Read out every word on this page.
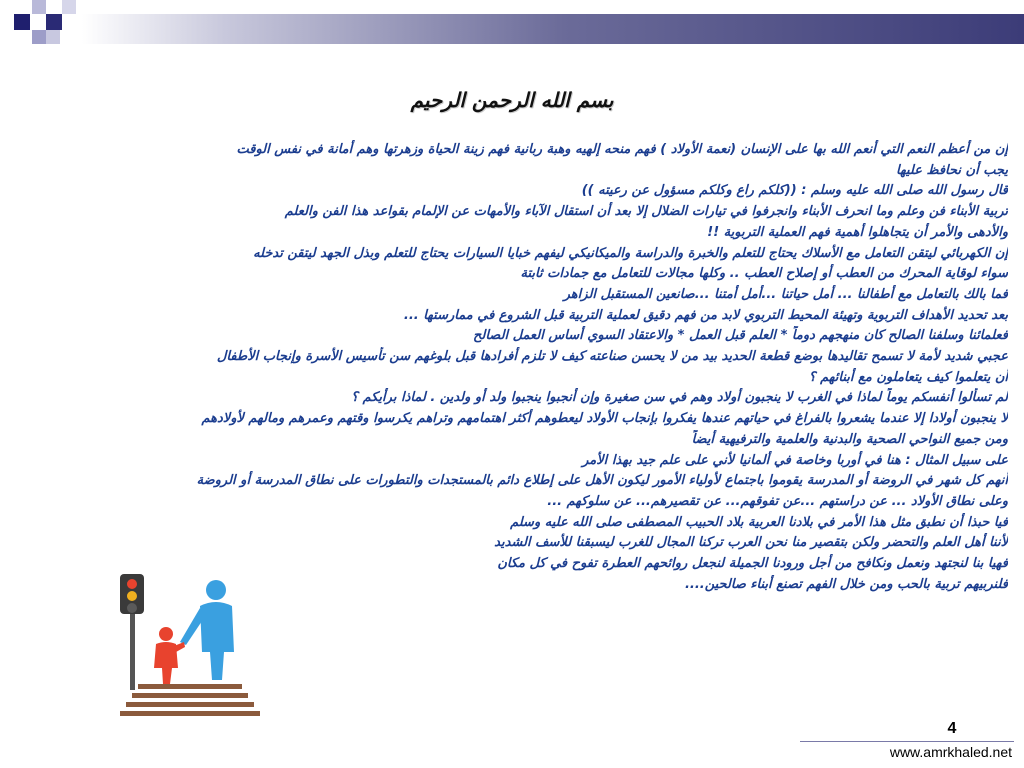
بسم الله الرحمن الرحيم
إن من أعظم النعم التي أنعم الله بها على الإنسان (نعمة الأولاد ) فهم منحه إلهيه وهبة ربانية فهم زينة الحياة وزهرتها وهم أمانة في نفس الوقت
يجب أن نحافظ عليها
قال رسول الله صلى الله عليه وسلم : ((كلكم راع وكلكم مسؤول عن رعيته ))
تربية الأبناء فن وعلم وما انحرف الأبناء وانجرفوا في تيارات الضلال إلا بعد أن استقال الآباء والأمهات عن الإلمام بقواعد هذا الفن والعلم
والأدهى والأمر أن يتجاهلوا أهمية فهم العملية التربوية !!
إن الكهربائي ليتقن التعامل مع الأسلاك يحتاج للتعلم والخبرة والدراسة والميكانيكي ليفهم خبايا السيارات يحتاج للتعلم وبذل الجهد ليتقن تدخله
سواء لوقاية المحرك من العطب أو إصلاح العطب .. وكلها مجالات للتعامل مع جمادات ثابتة
فما بالك بالتعامل مع أطفالنا ... أمل حياتنا ...أمل أمتنا ...صانعين المستقبل الزاهر
بعد تحديد الأهداف التربوية وتهيئة المحيط التربوي لابد من فهم دقيق لعملية التربية قبل الشروع في ممارستها ...
فعلمائنا وسلفنا الصالح كان منهجهم دوماً * العلم قبل العمل * والاعتقاد السوي أساس العمل الصالح
عجبي شديد لأمة لا تسمح تقاليدها بوضع قطعة الحديد بيد من لا يحسن صناعته كيف لا تلزم أفرادها قبل بلوغهم سن تأسيس الأسرة وإنجاب الأطفال
أن يتعلموا كيف يتعاملون مع أبنائهم ؟
لم تسألوا أنفسكم يوماً لماذا في الغرب لا ينجبون أولاد وهم في سن صغيرة وإن أنجبوا ينجبوا ولد أو ولدين . لماذا برأيكم ؟
لا ينجبون أولادا إلا عندما يشعروا بالفراغ في حياتهم عندها يفكروا بإنجاب الأولاد ليعطوهم أكثر اهتمامهم وتراهم يكرسوا وقتهم وعمرهم ومالهم لأولادهم
ومن جميع النواحي الصحية والبدنية والعلمية والترفيهية أيضاً
على سبيل المثال : هنا في أوربا وخاصة في ألمانيا لأني على علم جيد بهذا الأمر
أنهم كل شهر في الروضة أو المدرسة يقوموا باجتماع لأولياء الأمور ليكون الأهل على إطلاع دائم بالمستجدات والتطورات على نطاق المدرسة أو الروضة
وعلى نطاق الأولاد ... عن دراستهم ...عن تفوقهم... عن تقصيرهم... عن سلوكهم ...
فيا حبذا أن نطبق مثل هذا الأمر في بلادنا العربية بلاد الحبيب المصطفى صلى الله عليه وسلم
لأننا أهل العلم والتحضر ولكن بتقصير منا نحن العرب تركنا المجال للغرب ليسبقنا للأسف الشديد
فهيا بنا لنجتهد ونعمل ونكافح من أجل ورودنا الجميلة لنجعل روائحهم العطرة تفوح في كل مكان
فلنربيهم تربية بالحب ومن خلال الفهم تصنع أبناء صالحين....
4
www.amrkhaled.net
